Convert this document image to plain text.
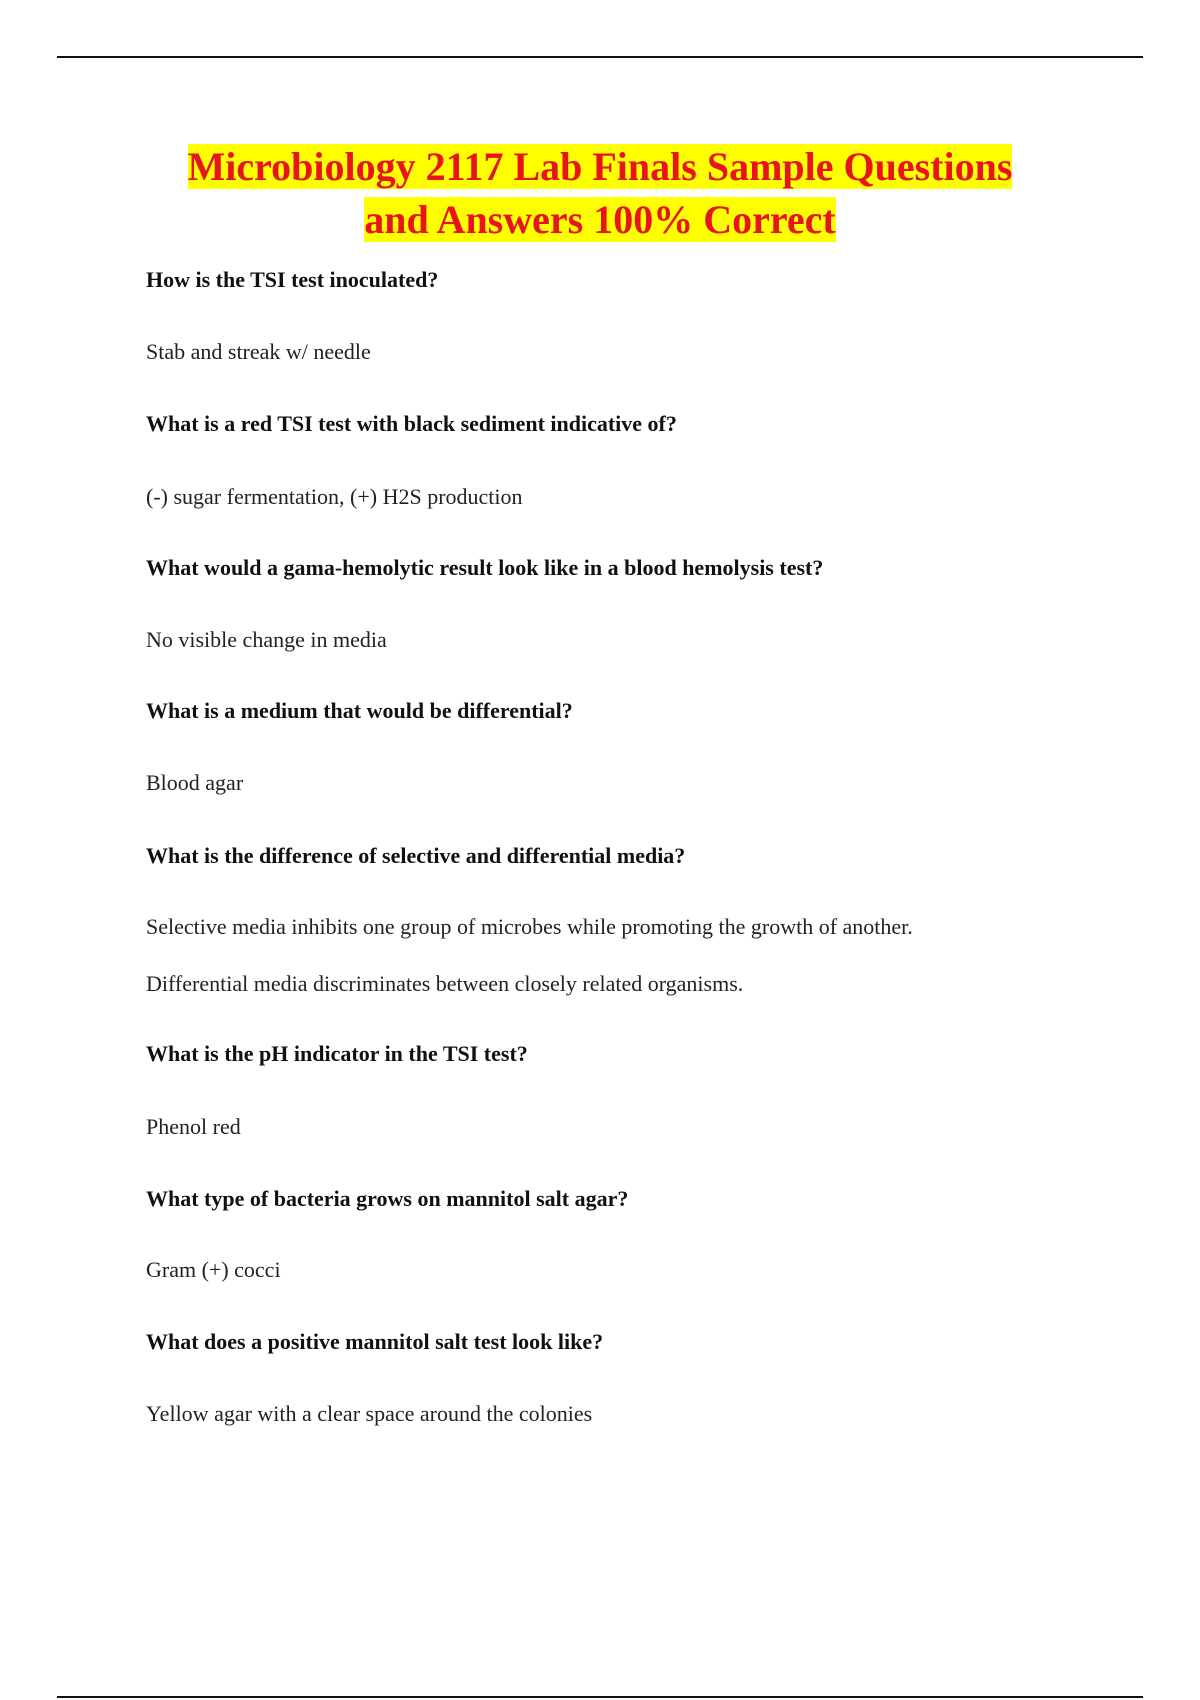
Microbiology 2117 Lab Finals Sample Questions
and Answers 100% Correct

How is the TSI test inoculated?

Stab and streak w/ needle

What is a red TSI test with black sediment indicative of?

(-) sugar fermentation, (+) H2S production

What would a gama-hemolytic result look like in a blood hemolysis test?

No visible change in media

What is a medium that would be differential?

Blood agar

What is the difference of selective and differential media?

Selective media inhibits one group of microbes while promoting the growth of another.

Differential media discriminates between closely related organisms.

What is the pH indicator in the TSI test?

Phenol red

What type of bacteria grows on mannitol salt agar?

Gram (+) cocci

What does a positive mannitol salt test look like?

Yellow agar with a clear space around the colonies
